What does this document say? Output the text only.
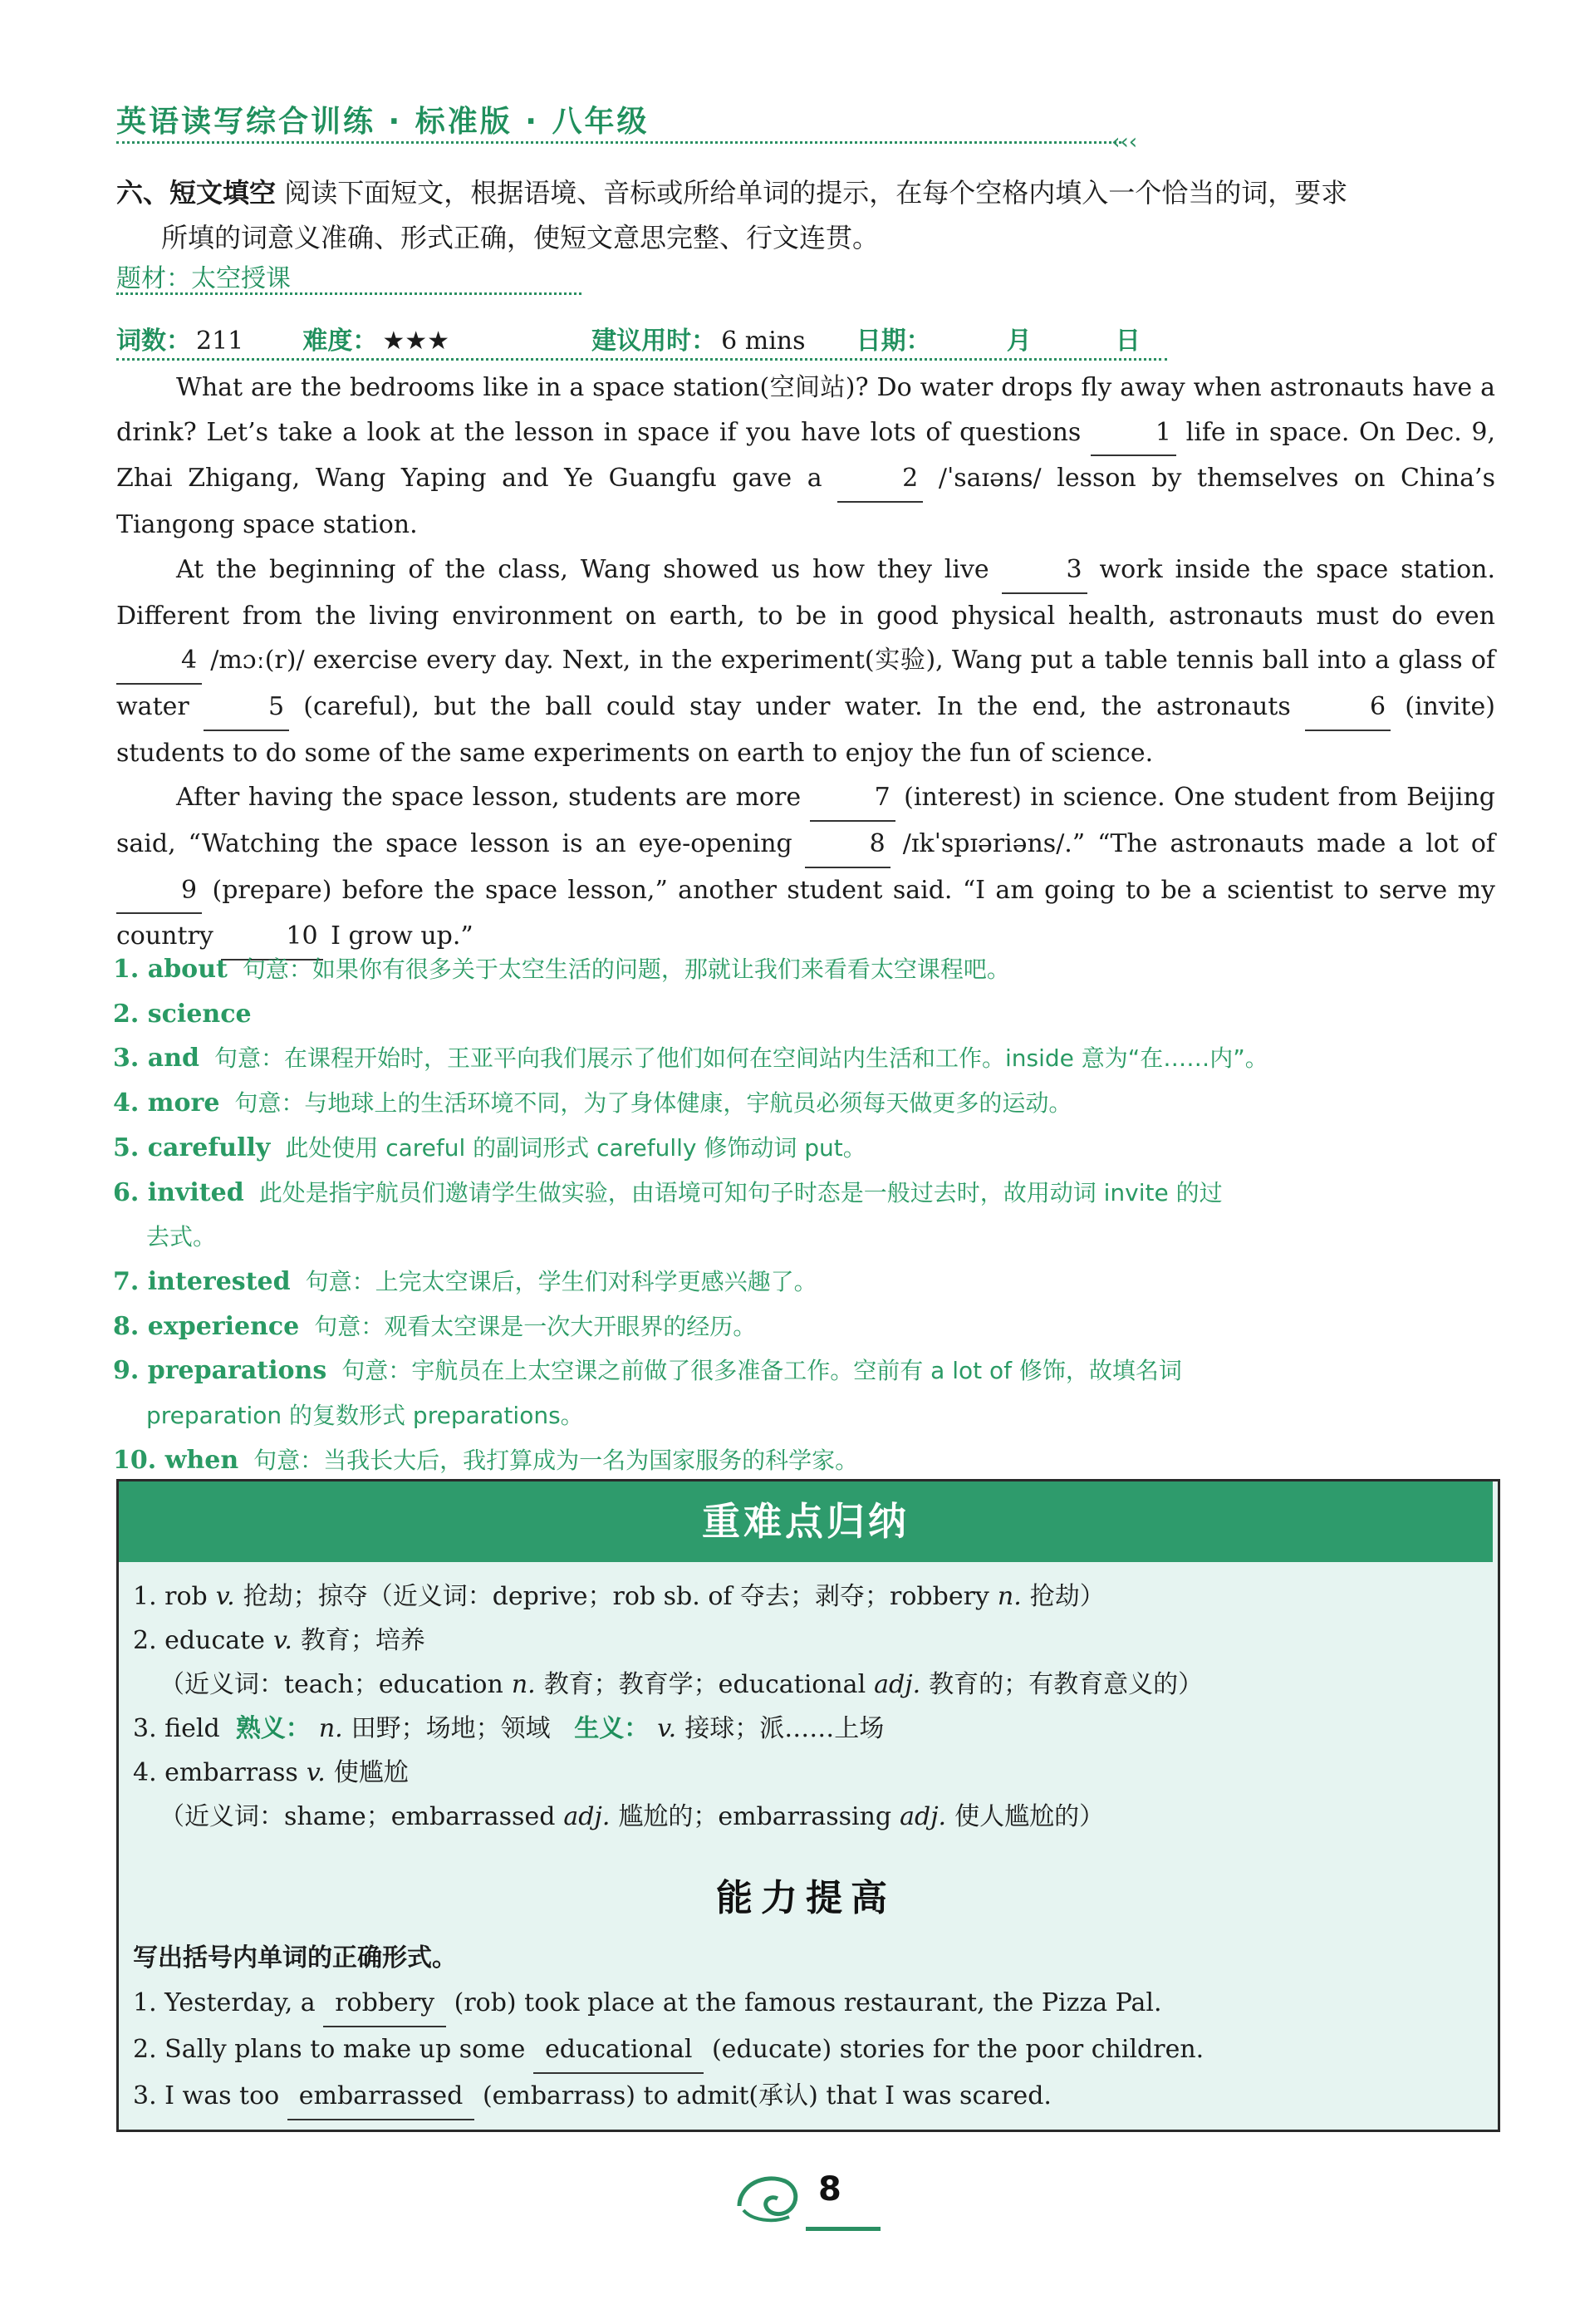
英语读写综合训练 · 标准版 · 八年级
‹‹‹
六、短文填空 阅读下面短文，根据语境、音标或所给单词的提示，在每个空格内填入一个恰当的词，要求
所填的词意义准确、形式正确，使短文意思完整、行文连贯。
题材：太空授课
词数： 211 难度： ★★★	建议用时： 6 mins 日期：	月	日

What are the bedrooms like in a space station(空间站)? Do water drops fly away when astronauts have a drink? Let’s take a look at the lesson in space if you have lots of questions	1 life in space. On Dec. 9, Zhai Zhigang, Wang Yaping and Ye Guangfu gave a	2 /ˈsaɪəns/ lesson by themselves on China’s Tiangong space station.

At the beginning of the class, Wang showed us how they live	3 work inside the space station. Different from the living environment on earth, to be in good physical health, astronauts must do even 4 /mɔː(r)/ exercise every day. Next, in the experiment(实验), Wang put a table tennis ball into a glass of water	5 (careful), but the ball could stay under water. In the end, the astronauts	6 (invite) students to do some of the same experiments on earth to enjoy the fun of science.

After having the space lesson, students are more	7 (interest) in science. One student from Beijing said, “Watching the space lesson is an eye-opening	8 /ɪkˈspɪəriəns/.” “The astronauts made a lot of 9 (prepare) before the space lesson,” another student said. “I am going to be a scientist to serve my country	10 I grow up.”

1. about 句意：如果你有很多关于太空生活的问题，那就让我们来看看太空课程吧。
2. science
3. and 句意：在课程开始时，王亚平向我们展示了他们如何在空间站内生活和工作。inside 意为“在……内”。
4. more 句意：与地球上的生活环境不同，为了身体健康，宇航员必须每天做更多的运动。
5. carefully 此处使用 careful 的副词形式 carefully 修饰动词 put。
6. invited 此处是指宇航员们邀请学生做实验，由语境可知句子时态是一般过去时，故用动词 invite 的过
去式。
7. interested 句意：上完太空课后，学生们对科学更感兴趣了。
8. experience 句意：观看太空课是一次大开眼界的经历。
9. preparations 句意：宇航员在上太空课之前做了很多准备工作。空前有 a lot of 修饰，故填名词
preparation 的复数形式 preparations。
10. when 句意：当我长大后，我打算成为一名为国家服务的科学家。
重难点归纳
1. rob v. 抢劫；掠夺（近义词：deprive；rob sb. of 夺去；剥夺；robbery n. 抢劫）
2. educate v. 教育；培养
（近义词：teach；education n. 教育；教育学；educational adj. 教育的；有教育意义的）
3. field 熟义： n. 田野；场地；领域 生义： v. 接球；派……上场
4. embarrass v. 使尴尬
（近义词：shame；embarrassed adj. 尴尬的；embarrassing adj. 使人尴尬的）
能力提高
写出括号内单词的正确形式。
1. Yesterday, a robbery (rob) took place at the famous restaurant, the Pizza Pal.
2. Sally plans to make up some educational (educate) stories for the poor children.
3. I was too embarrassed (embarrass) to admit(承认) that I was scared.
8
